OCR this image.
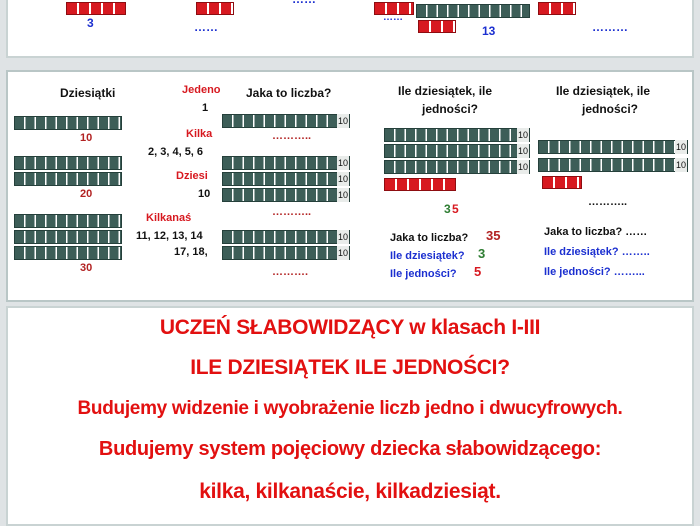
3	……
……
13	………
Dziesiątki
10
20
30
Jedeno
1
Kilka
2, 3, 4, 5, 6
Dziesi
10
Kilkanaś
11, 12, 13, 14
17, 18,
Jaka to liczba?
10
………..
10
10
10
………..
10
10
……….
Ile dziesiątek, ile
jedności?
10
10
10
3 5
Jaka to liczba? 35
Ile dziesiątek? 3
Ile jedności? 5
Ile dziesiątek, ile
jedności?
10
10
………..
Jaka to liczba? ……
Ile dziesiątek? ……..
Ile jedności? ……...
UCZEŃ SŁABOWIDZĄCY w klasach I-III
ILE DZIESIĄTEK ILE JEDNOŚCI?
Budujemy widzenie i wyobrażenie liczb jedno i dwucyfrowych.
Budujemy system pojęciowy dziecka słabowidzącego:
kilka, kilkanaście, kilkadziesiąt.
